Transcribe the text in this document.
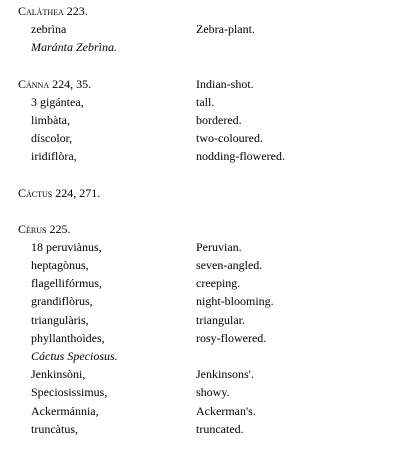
Calàthea 223.
zebrìna	Zebra-plant.
Maránta Zebrìna.
Cánna 224, 35.	Indian-shot.
3 gigántea,	tall.
limbàta,	bordered.
díscolor,	two-coloured.
iridiflòra,	nodding-flowered.
Cáctus 224, 271.
Cèrus 225.
18 peruviànus,	Peruvian.
heptagònus,	seven-angled.
flagellifórmus,	creeping.
grandiflòrus,	night-blooming.
triangulàris,	triangular.
phyllanthoìdes,	rosy-flowered.
Cáctus Speciosus.
Jenkinsòni,	Jenkinsons'.
Speciosissimus,	showy.
Ackermánnia,	Ackerman's.
truncàtus,	truncated.
